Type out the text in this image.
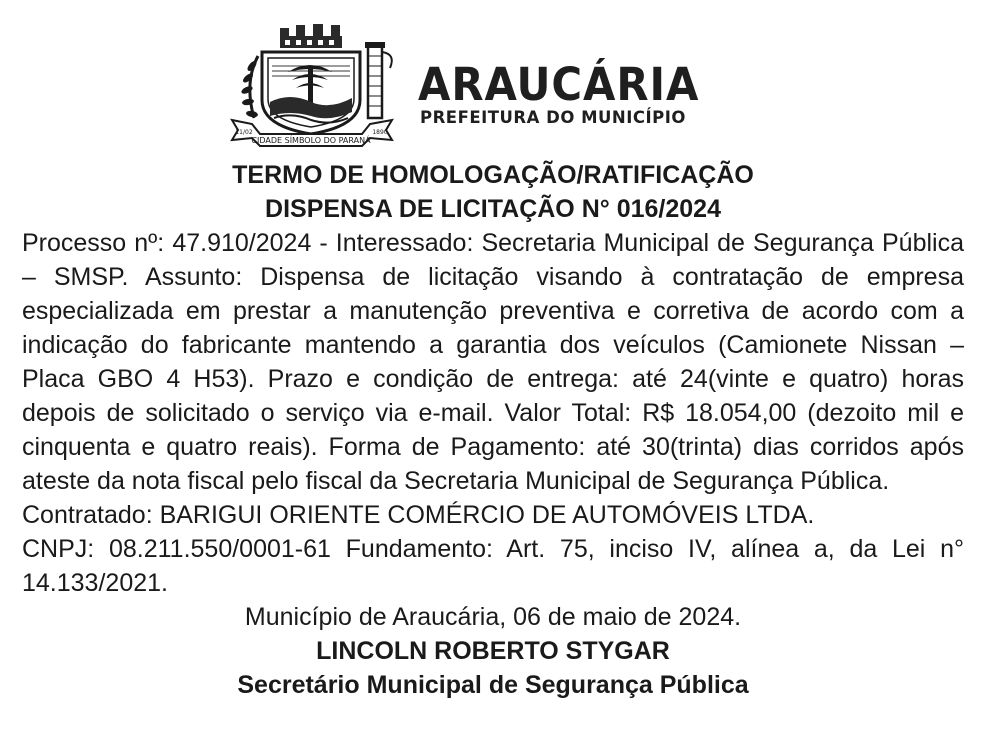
CIDADE SÍMBOLO DO PARANÁ
11/02	1890
ARAUCÁRIA
PREFEITURA DO MUNICÍPIO

TERMO DE HOMOLOGAÇÃO/RATIFICAÇÃO

DISPENSA DE LICITAÇÃO N° 016/2024

Processo nº: 47.910/2024 - Interessado: Secretaria Municipal de Segurança Pública – SMSP. Assunto: Dispensa de licitação visando à contratação de empresa especializada em prestar a manutenção preventiva e corretiva de acordo com a indicação do fabricante mantendo a garantia dos veículos (Camionete Nissan – Placa GBO 4 H53). Prazo e condição de entrega: até 24(vinte e quatro) horas depois de solicitado o serviço via e-mail. Valor Total: R$ 18.054,00 (dezoito mil e cinquenta e quatro reais). Forma de Pagamento: até 30(trinta) dias corridos após ateste da nota fiscal pelo fiscal da Secretaria Municipal de Segurança Pública.

Contratado: BARIGUI ORIENTE COMÉRCIO DE AUTOMÓVEIS LTDA.

CNPJ: 08.211.550/0001-61 Fundamento: Art. 75, inciso IV, alínea a, da Lei n° 14.133/2021.

Município de Araucária, 06 de maio de 2024.

LINCOLN ROBERTO STYGAR

Secretário Municipal de Segurança Pública
